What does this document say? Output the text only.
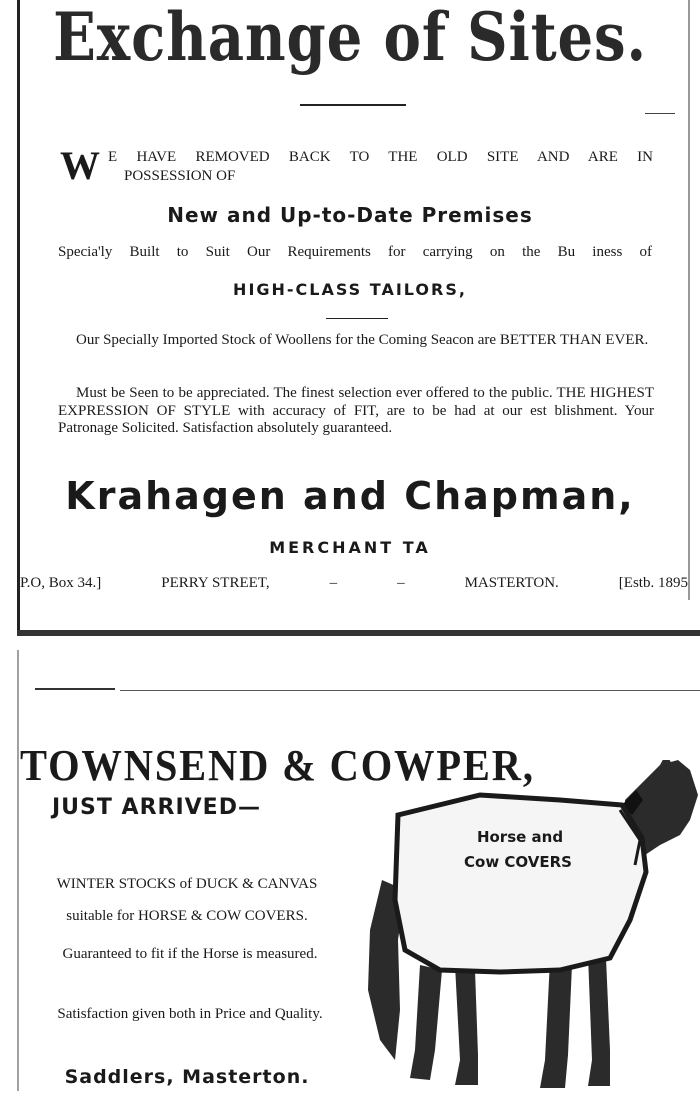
Exchange of Sites.
W E HAVE REMOVED BACK TO THE OLD SITE AND ARE IN
POSSESSION OF
New and Up-to-Date Premises
Specia'ly Built to Suit Our Requirements for carrying on the Bu iness of
HIGH-CLASS TAILORS,
Our Specially Imported Stock of Woollens for the Coming Seacon are BETTER THAN EVER.
Must be Seen to be appreciated. The finest selection ever offered to the public. THE HIGHEST EXPRESSION OF STYLE with accuracy of FIT, are to be had at our est blishment. Your Patronage Solicited. Satisfaction absolutely guaranteed.
Krahagen and Chapman,
MERCHANT TA
P.O, Box 34.]	PERRY STREET,	–	–	MASTERTON.	[Estb. 1895
TOWNSEND & COWPER,
JUST ARRIVED—
WINTER STOCKS of DUCK & CANVAS
suitable for HORSE & COW COVERS.
Guaranteed to fit if the Horse is measured.
Satisfaction given both in Price and Quality.
Saddlers, Masterton.
Horse and
Cow COVERS
